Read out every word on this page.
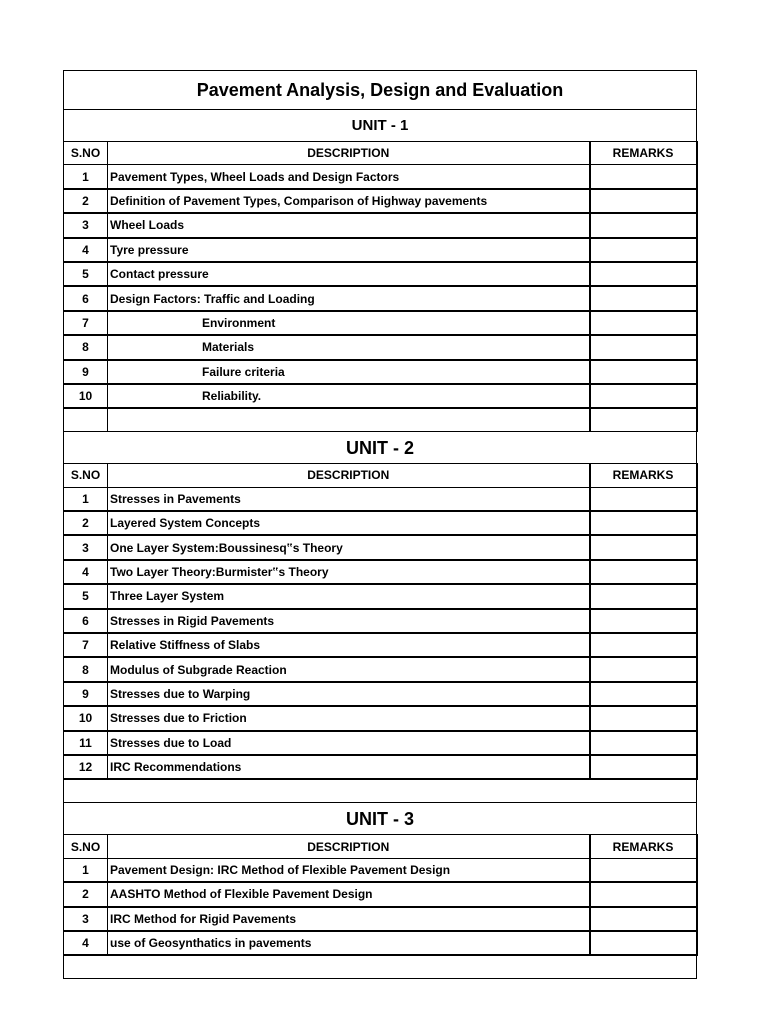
Pavement Analysis, Design and Evaluation		
UNIT - 1		
S.NO	DESCRIPTION	REMARKS
1	Pavement Types, Wheel Loads and Design Factors	
2	Definition of Pavement Types, Comparison of Highway pavements	
3	Wheel Loads	
4	Tyre pressure	
5	Contact pressure	
6	Design Factors: Traffic and Loading	
7	Environment	
8	Materials	
9	Failure criteria	
10	Reliability.	

UNIT - 2		
S.NO	DESCRIPTION	REMARKS
1	Stresses in Pavements	
2	Layered System Concepts	
3	One Layer System:Boussinesq‟s Theory	
4	Two Layer Theory:Burmister‟s Theory	
5	Three Layer System	
6	Stresses in Rigid Pavements	
7	Relative Stiffness of Slabs	
8	Modulus of Subgrade Reaction	
9	Stresses due to Warping	
10	Stresses due to Friction	
11	Stresses due to Load	
12	IRC Recommendations	

UNIT - 3		
S.NO	DESCRIPTION	REMARKS
1	Pavement Design: IRC Method of Flexible Pavement Design	
2	AASHTO Method of Flexible Pavement Design	
3	IRC Method for Rigid Pavements	
4	use of Geosynthatics in pavements	
